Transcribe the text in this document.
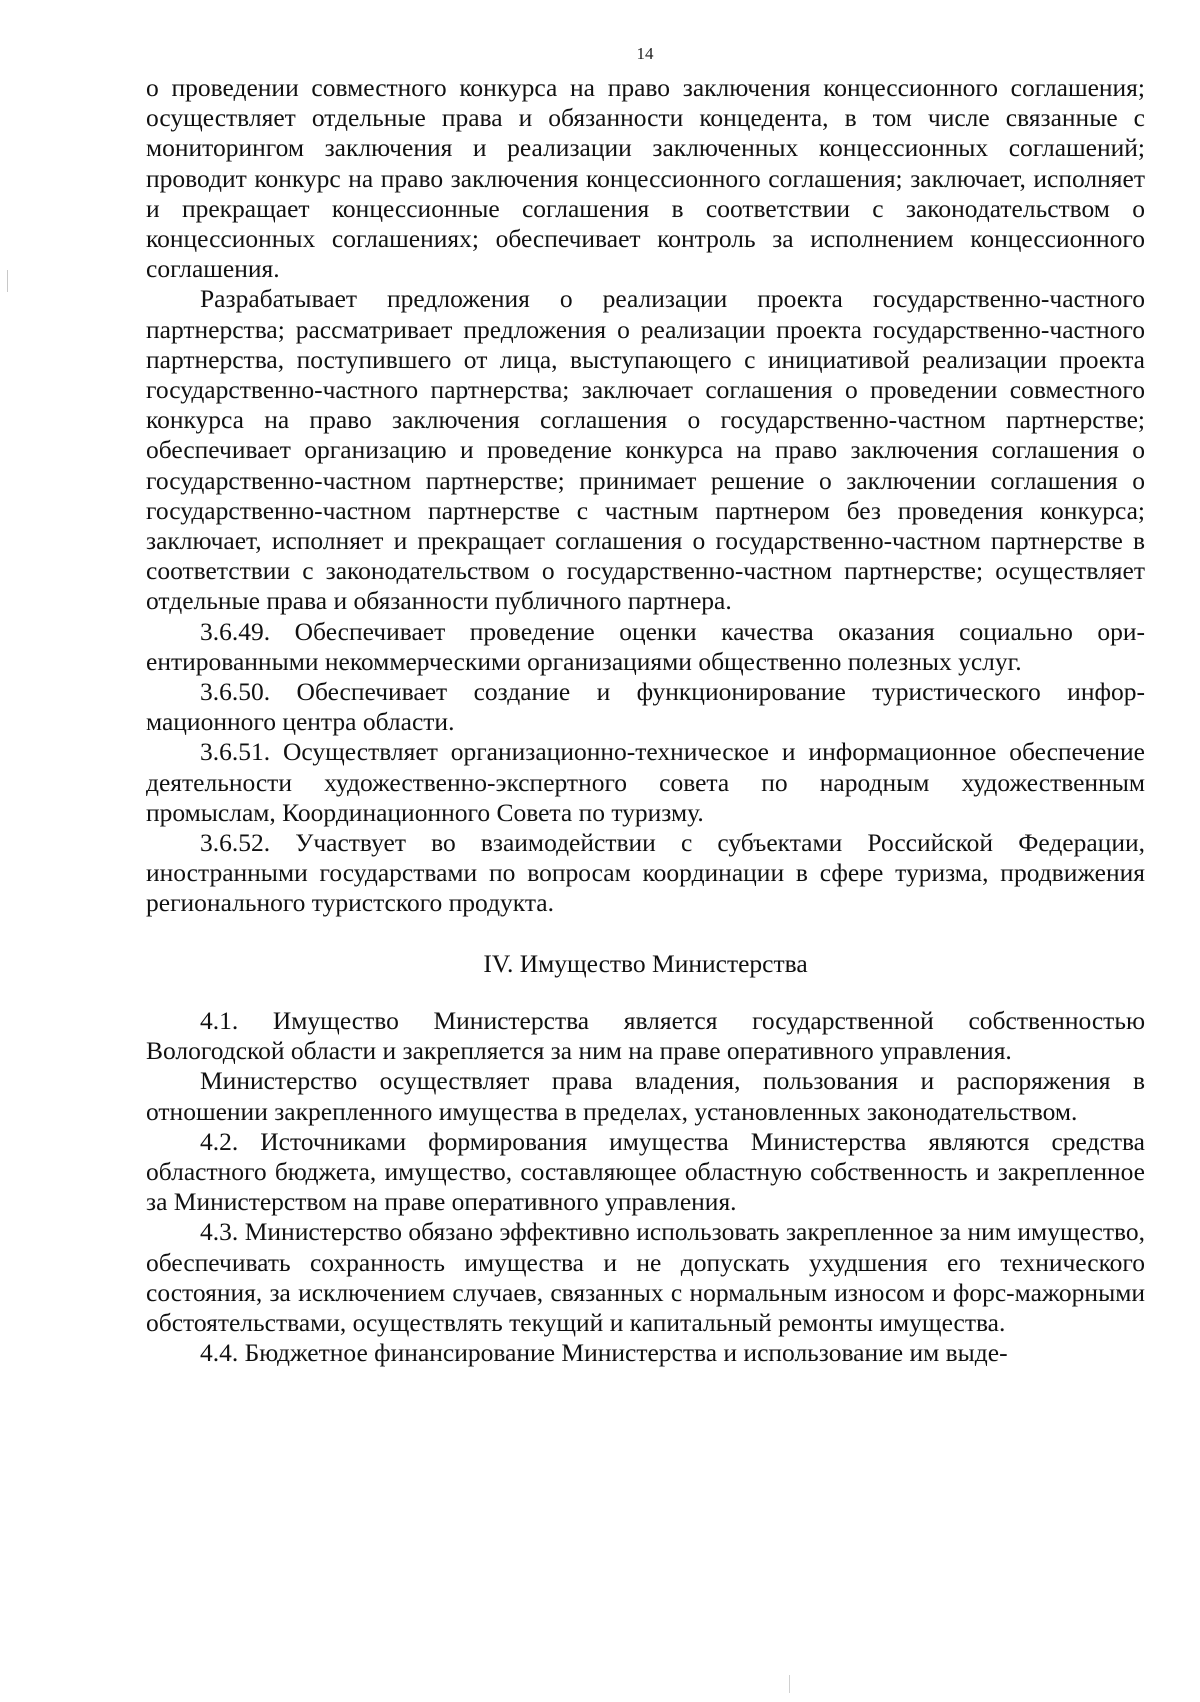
14

о проведении совместного конкурса на право заключения концессионного соглашения; осуществляет отдельные права и обязанности концедента, в том числе связанные с мониторингом заключения и реализации заключенных концессионных соглашений; проводит конкурс на право заключения концессионного соглашения; заключает, исполняет и прекращает концессионные соглашения в соответствии с законодательством о концессионных соглашениях; обеспечивает контроль за исполнением концессионного соглашения.

Разрабатывает предложения о реализации проекта государственно-частного партнерства; рассматривает предложения о реализации проекта государственно-частного партнерства, поступившего от лица, выступающего с инициативой реализации проекта государственно-частного партнерства; заключает соглашения о проведении совместного конкурса на право заключения соглашения о государственно-частном партнерстве; обеспечивает организацию и проведение конкурса на право заключения соглашения о государственно-частном партнерстве; принимает решение о заключении соглашения о государственно-частном партнерстве с частным партнером без проведения конкурса; заключает, исполняет и прекращает соглашения о государственно-частном партнерстве в соответствии с законодательством о государственно-частном партнерстве; осуществляет отдельные права и обязанности публичного партнера.

3.6.49. Обеспечивает проведение оценки качества оказания социально ориентированными некоммерческими организациями общественно полезных услуг.

3.6.50. Обеспечивает создание и функционирование туристического информационного центра области.

3.6.51. Осуществляет организационно-техническое и информационное обеспечение деятельности художественно-экспертного совета по народным художественным промыслам, Координационного Совета по туризму.

3.6.52. Участвует во взаимодействии с субъектами Российской Федерации, иностранными государствами по вопросам координации в сфере туризма, продвижения регионального туристского продукта.

IV. Имущество Министерства

4.1. Имущество Министерства является государственной собственностью Вологодской области и закрепляется за ним на праве оперативного управления.

Министерство осуществляет права владения, пользования и распоряжения в отношении закрепленного имущества в пределах, установленных законодательством.

4.2. Источниками формирования имущества Министерства являются средства областного бюджета, имущество, составляющее областную собственность и закрепленное за Министерством на праве оперативного управления.

4.3. Министерство обязано эффективно использовать закрепленное за ним имущество, обеспечивать сохранность имущества и не допускать ухудшения его технического состояния, за исключением случаев, связанных с нормальным износом и форс-мажорными обстоятельствами, осуществлять текущий и капитальный ремонты имущества.

4.4. Бюджетное финансирование Министерства и использование им выде-
